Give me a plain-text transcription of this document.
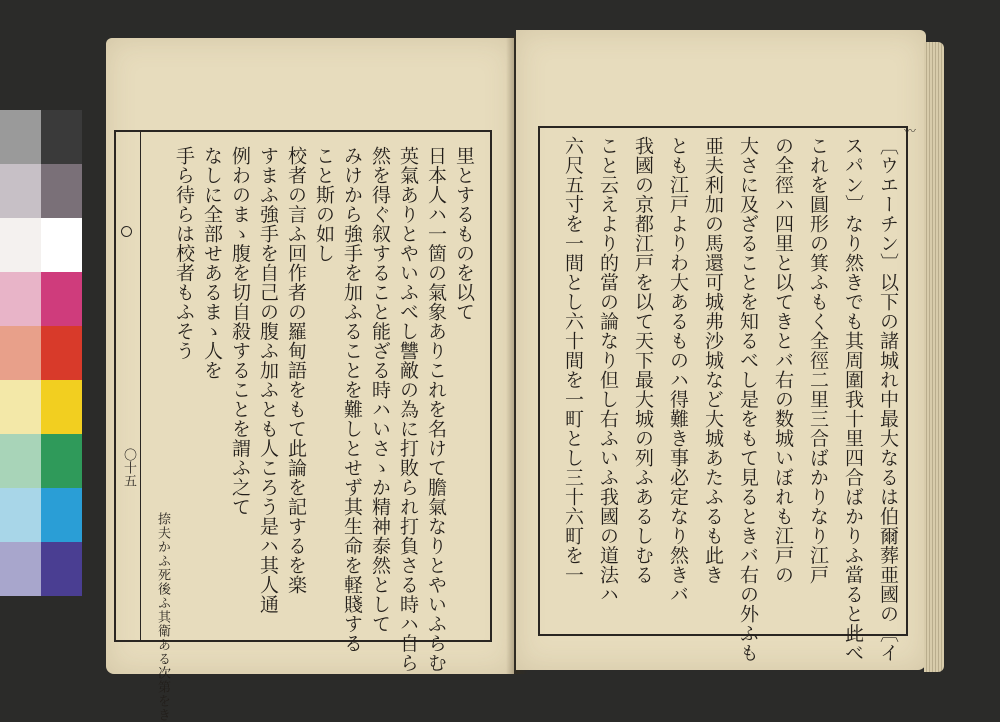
〇十五
里とするものを以て
日本人ハ一箇の氣象ありこれを名けて膽氣なりとやいふらむ
英氣ありとやいふべし讐敵の為に打敗られ打負さる時ハ自ら
然を得ぐ叙すること能ざる時ハいさゝか精神泰然として
みけから強手を加ふることを難しとせず其生命を軽賤する
こと斯の如し
校者の言ふ回作者の羅甸語をもて此論を記するを楽
すまふ強手を自己の腹ふ加ふとも人ころう是ハ其人通
例わのまゝ腹を切自殺することを謂ふ之て
なしに全部せあるまゝ人を
手ら待らは校者もふそう
捺夫かふ死後ふ其衛ある次第をき	〔ウエーチン〕以下の諸城れ中最大なるは伯爾葬亜國の〔イ
スパン〕なり然きでも其周圍我十里四合ばかりふ當ると此べ
これを圓形の箕ふもく全徑二里三合ばかりなり江戸
の全徑ハ四里と以てきとバ右の数城いぼれも江戸の
大さに及ざることを知るべし是をもて見るときバ右の外ふも
亜夫利加の馬還可城弗沙城など大城あたふるも此き
とも江戸よりわ大あるものハ得難き事必定なり然きバ
我國の京都江戸を以て天下最大城の列ふあるしむる
こと云えより的當の論なり但し右ふいふ我國の道法ハ
六尺五寸を一間とし六十間を一町とし三十六町を一
〰
